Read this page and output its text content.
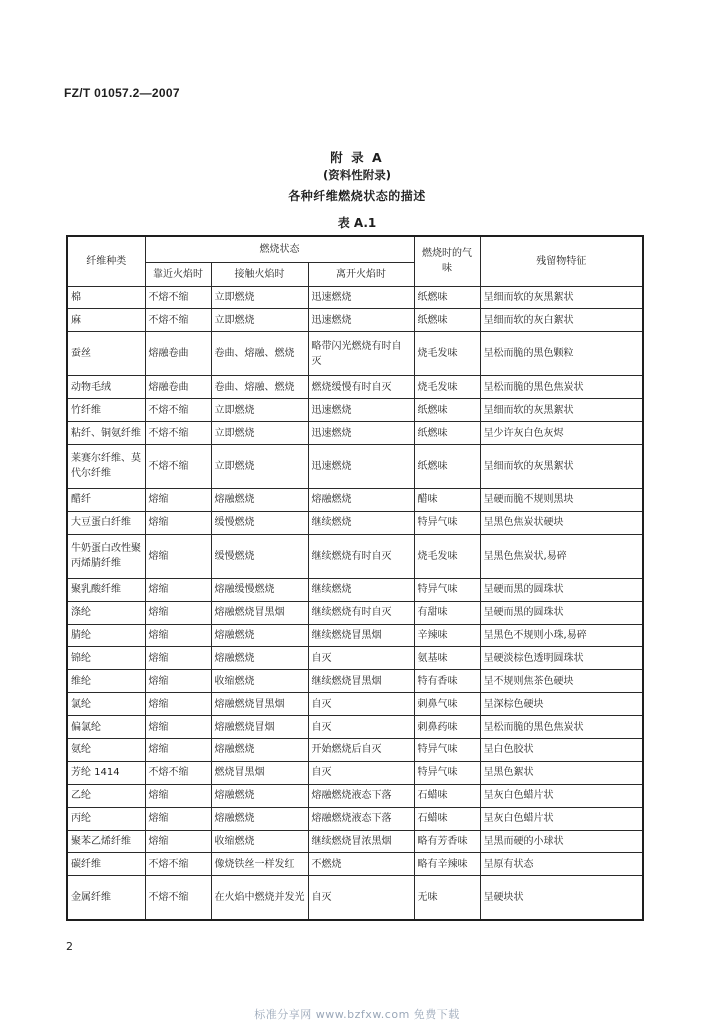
FZ/T 01057.2—2007
附 录 A
(资料性附录)
各种纤维燃烧状态的描述
表 A.1
纤维种类	燃烧状态			燃烧时的气味	残留物特征
	靠近火焰时	接触火焰时	离开火焰时		
棉	不熔不缩	立即燃烧	迅速燃烧	纸燃味	呈细而软的灰黑絮状
麻	不熔不缩	立即燃烧	迅速燃烧	纸燃味	呈细而软的灰白絮状
蚕丝	熔融卷曲	卷曲、熔融、燃烧	略带闪光燃烧有时自灭	烧毛发味	呈松而脆的黑色颗粒
动物毛绒	熔融卷曲	卷曲、熔融、燃烧	燃烧缓慢有时自灭	烧毛发味	呈松而脆的黑色焦炭状
竹纤维	不熔不缩	立即燃烧	迅速燃烧	纸燃味	呈细而软的灰黑絮状
粘纤、铜氨纤维	不熔不缩	立即燃烧	迅速燃烧	纸燃味	呈少许灰白色灰烬
莱赛尔纤维、莫代尔纤维	不熔不缩	立即燃烧	迅速燃烧	纸燃味	呈细而软的灰黑絮状
醋纤	熔缩	熔融燃烧	熔融燃烧	醋味	呈硬而脆不规则黑块
大豆蛋白纤维	熔缩	缓慢燃烧	继续燃烧	特异气味	呈黑色焦炭状硬块
牛奶蛋白改性聚丙烯腈纤维	熔缩	缓慢燃烧	继续燃烧有时自灭	烧毛发味	呈黑色焦炭状,易碎
聚乳酸纤维	熔缩	熔融缓慢燃烧	继续燃烧	特异气味	呈硬而黑的圆珠状
涤纶	熔缩	熔融燃烧冒黑烟	继续燃烧有时自灭	有甜味	呈硬而黑的圆珠状
腈纶	熔缩	熔融燃烧	继续燃烧冒黑烟	辛辣味	呈黑色不规则小珠,易碎
锦纶	熔缩	熔融燃烧	自灭	氨基味	呈硬淡棕色透明圆珠状
维纶	熔缩	收缩燃烧	继续燃烧冒黑烟	特有香味	呈不规则焦茶色硬块
氯纶	熔缩	熔融燃烧冒黑烟	自灭	刺鼻气味	呈深棕色硬块
偏氯纶	熔缩	熔融燃烧冒烟	自灭	刺鼻药味	呈松而脆的黑色焦炭状
氨纶	熔缩	熔融燃烧	开始燃烧后自灭	特异气味	呈白色胶状
芳纶 1414	不熔不缩	燃烧冒黑烟	自灭	特异气味	呈黑色絮状
乙纶	熔缩	熔融燃烧	熔融燃烧液态下落	石蜡味	呈灰白色蜡片状
丙纶	熔缩	熔融燃烧	熔融燃烧液态下落	石蜡味	呈灰白色蜡片状
聚苯乙烯纤维	熔缩	收缩燃烧	继续燃烧冒浓黑烟	略有芳香味	呈黑而硬的小球状
碳纤维	不熔不缩	像烧铁丝一样发红	不燃烧	略有辛辣味	呈原有状态
金属纤维	不熔不缩	在火焰中燃烧并发光	自灭	无味	呈硬块状
2
标准分享网 www.bzfxw.com 免费下载
